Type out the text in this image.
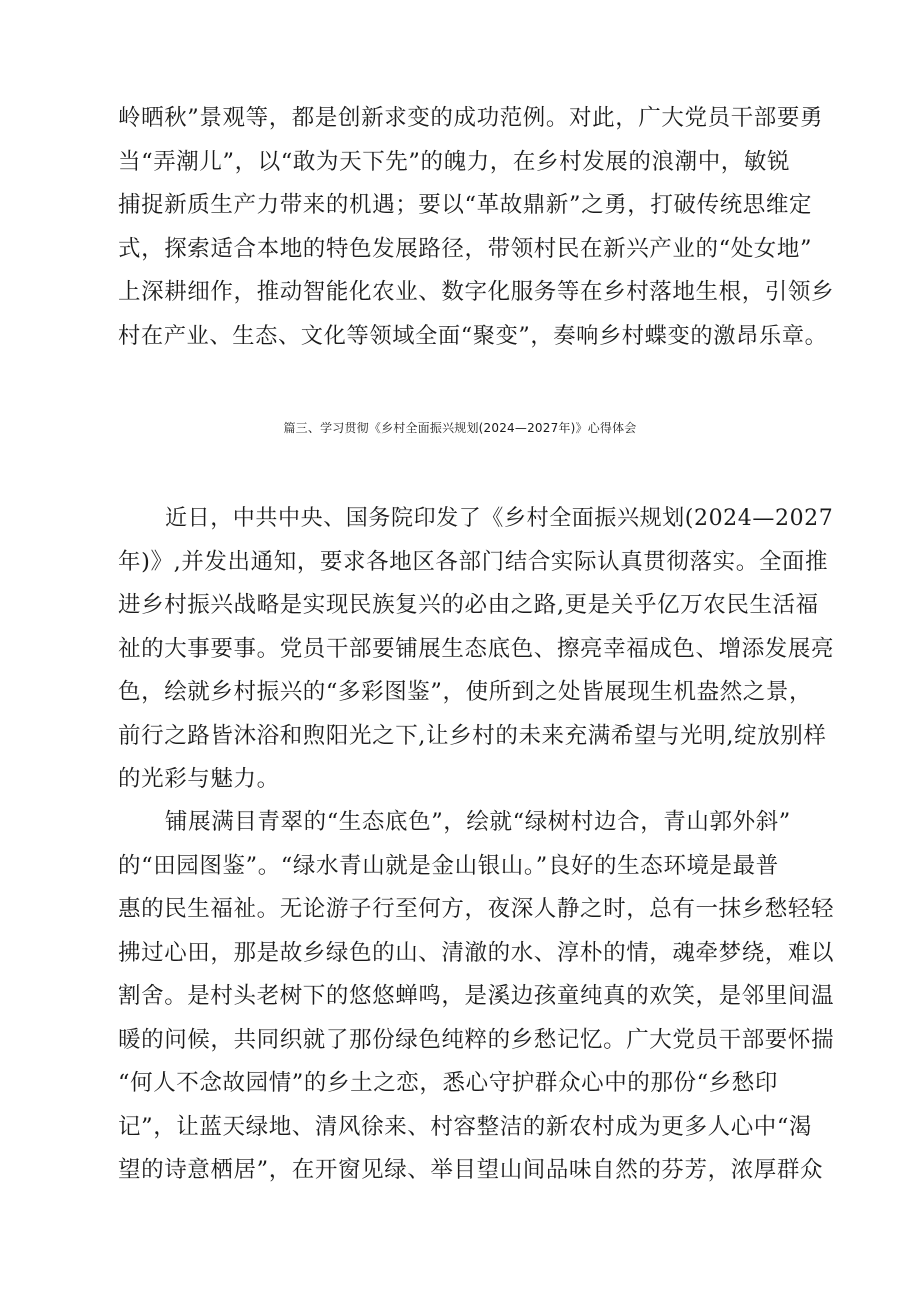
岭晒秋”景观等，都是创新求变的成功范例。对此，广大党员干部要勇
当“弄潮儿”，以“敢为天下先”的魄力，在乡村发展的浪潮中，敏锐
捕捉新质生产力带来的机遇；要以“革故鼎新”之勇，打破传统思维定
式，探索适合本地的特色发展路径，带领村民在新兴产业的“处女地”
上深耕细作，推动智能化农业、数字化服务等在乡村落地生根，引领乡
村在产业、生态、文化等领域全面“聚变”，奏响乡村蝶变的激昂乐章。
篇三、学习贯彻《乡村全面振兴规划(2024—2027年)》心得体会
近日，中共中央、国务院印发了《乡村全面振兴规划(2024—2027
年)》,并发出通知，要求各地区各部门结合实际认真贯彻落实。全面推
进乡村振兴战略是实现民族复兴的必由之路,更是关乎亿万农民生活福
祉的大事要事。党员干部要铺展生态底色、擦亮幸福成色、增添发展亮
色，绘就乡村振兴的“多彩图鉴”，使所到之处皆展现生机盎然之景，
前行之路皆沐浴和煦阳光之下,让乡村的未来充满希望与光明,绽放别样
的光彩与魅力。
铺展满目青翠的“生态底色”，绘就“绿树村边合，青山郭外斜”
的“田园图鉴”。“绿水青山就是金山银山。”良好的生态环境是最普
惠的民生福祉。无论游子行至何方，夜深人静之时，总有一抹乡愁轻轻
拂过心田，那是故乡绿色的山、清澈的水、淳朴的情，魂牵梦绕，难以
割舍。是村头老树下的悠悠蝉鸣，是溪边孩童纯真的欢笑，是邻里间温
暖的问候，共同织就了那份绿色纯粹的乡愁记忆。广大党员干部要怀揣
“何人不念故园情”的乡土之恋，悉心守护群众心中的那份“乡愁印
记”，让蓝天绿地、清风徐来、村容整洁的新农村成为更多人心中“渴
望的诗意栖居”，在开窗见绿、举目望山间品味自然的芬芳，浓厚群众
